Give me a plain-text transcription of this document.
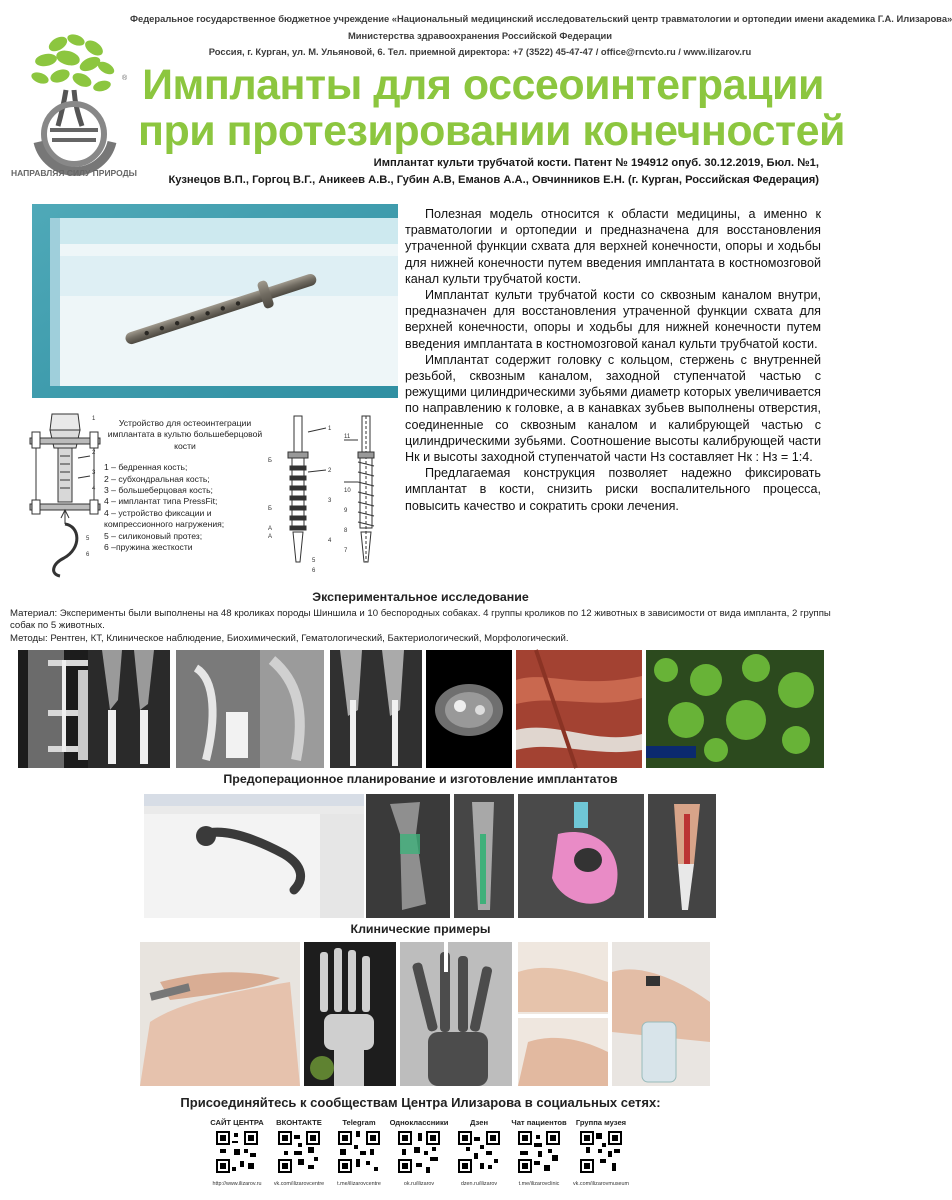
Федеральное государственное бюджетное учреждение «Национальный медицинский исследовательский центр травматологии и ортопедии имени академика Г.А. Илизарова»
Министерства здравоохранения Российской Федерации
Россия, г. Курган, ул. М. Ульяновой, 6. Тел. приемной директора: +7 (3522) 45-47-47 / office@rncvto.ru / www.ilizarov.ru
НАПРАВЛЯЯ СИЛУ ПРИРОДЫ
® Импланты для оссеоинтеграции
при протезировании конечностей
Имплантат культи трубчатой кости. Патент № 194912 опуб. 30.12.2019, Бюл. №1,
Кузнецов В.П., Горгоц В.Г., Аникеев А.В., Губин А.В, Еманов А.А., Овчинников Е.Н. (г. Курган, Российская Федерация)

Полезная модель относится к области медицины, а именно к травматологии и ортопедии и предназначена для восстановления утраченной функции схвата для верхней конечности, опоры и ходьбы для нижней конечности путем введения имплантата в костномозговой канал культи трубчатой кости.

Имплантат культи трубчатой кости со сквозным каналом внутри, предназначен для восстановления утраченной функции схвата для верхней конечности, опоры и ходьбы для нижней конечности путем введения имплантата в костномозговой канал культи трубчатой кости.

Имплантат содержит головку с кольцом, стержень с внутренней резьбой, сквозным каналом, заходной ступенчатой частью с режущими цилиндрическими зубьями диаметр которых увеличивается по направлению к головке, а в канавках зубьев выполнены отверстия, соединенные со сквозным каналом и калибрующей частью с цилиндрическими зубьями. Соотношение высоты калибрующей части Нк и высоты заходной ступенчатой части Нз составляет Нк : Нз = 1:4.

Предлагаемая конструкция позволяет надежно фиксировать имплантат в кости, снизить риски воспалительного процесса, повысить качество и сократить сроки лечения.

1
2
3
4
5
6
Устройство для остеоинтеграции имплантата в культю большеберцовой кости
1 – бедренная кость;
2 – субхондральная кость;
3 – большеберцовая кость;
4 – имплантат типа PressFit;
4 – устройство фиксации и компрессионного нагружения;
5 – силиконовый протез;
6 –пружина жесткости
Б
Б
А
А
1
2
3
4
5
6
7
8
9
10
11
Экспериментальное исследование
Материал: Эксперименты были выполнены на 48 кроликах породы Шиншила и 10 беспородных собаках. 4 группы кроликов по 12 животных в зависимости от вида импланта, 2 группы собак по 5 животных.
Методы: Рентген, КТ, Клиническое наблюдение, Биохимический, Гематологический, Бактериологический, Морфологический.
Предоперационное планирование и изготовление имплантатов
Клинические примеры
Присоединяйтесь к сообществам Центра Илизарова в социальных сетях:
САЙТ ЦЕНТРА
http://www.ilizarov.ru
ВКОНТАКТЕ
vk.com/ilizarovcentre
Telegram
t.me/ilizarovcentre
Одноклассники
ok.ru/ilizarov
Дзен
dzen.ru/ilizarov
Чат пациентов
t.me/ilizarovclinic
Группа музея
vk.com/ilizarovmuseum
